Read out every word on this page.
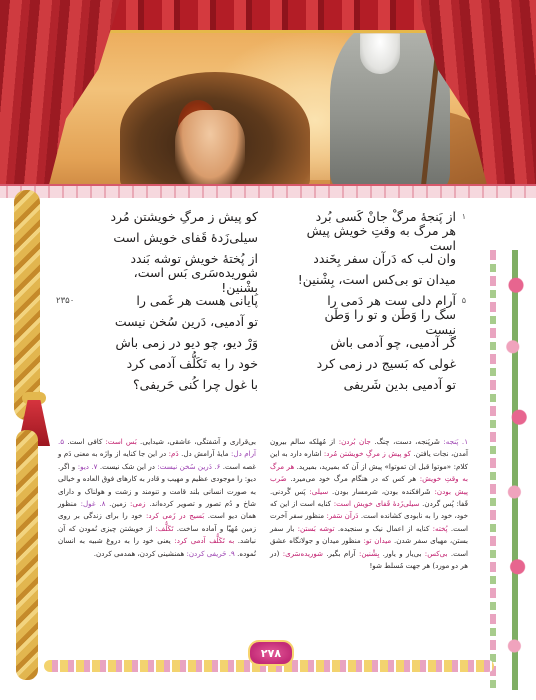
۱
از پَنجۀ مرگْ جانْ کَسی بُرد
کو پیش ز مرگِ خویشتن مُرد
هر مرگ به وقتِ خویش پیش است
سیلی‌زَدۀ قَفای خویش است
وان لب که دَرآن سفر بِخَندد
از پُختۀ خویش توشه بَندد
میدان تو بی‌کس است، بِشْنین!
شوریده‌سَری بَس است، بِشْنین!
۵
آرام دلی ست هر دَمی را
پایانی هست هر غَمی را
۲۳۵۰
سگ را وَطَن و تو را وَطَن نیست
تو آدمیی، دَرین سُخن نیست
گر آدمیی، چو آدمی باش
وَرْ دیو، چو دیو در زمی باش
غولی که بَسیج در زمی کرد
خود را به تَکَلُّف آدمی کرد
تو آدمیی بدین شَریفی
با غول چرا کُنی حَریفی؟
۱. پَنجه: شَرپَنجه، دست، چنگ. جان بُردن: از مُهلکه سالم بیرون آمدن، نجات یافتن. کو پیش ز مرگِ خویشتن مُرد: اشاره دارد به این کلام: «موتوا قبل ان تموتوا» پیش از آن که بمیرید، بمیرید. هر مرگ به وقتِ خویش: هر کس که در هنگام مرگ خود می‌میرد. ضَرب پیش بودن: شَرافکنده بودن، شرمسار بودن. سیلی: پَس گَردنی. قَفا: پُس گردن. سیلی‌زَدۀ قَفای خویش است: کنایه است از این که خود، خود را به نابودی کشانده است. دَرآن سَفر: منظور سفر آخرت است. پُخته: کنایه از اعمال نیک و سنجیده. توشه بَستن: بار سفر بستن، مهیای سفر شدن. میدان تو: منظور میدان و جولانگاه عشق است. بی‌کس: بی‌یار و یاور. بِشْنین: آرام بگیر. شوریده‌سَری: (در هر دو مورد) هر جهت مُسلط شو!
بی‌قراری و آشفتگی، عاشقی، شیدایی. بَس است: کافی است. ۵. آرام دل: مایۀ آرامش دل. دَم: در این جا کنایه از واژه به معنی دَم و غصه است. ۶. دَرین سُخن نیست: در این شک نیست. ۷. دیو: و اگر. دیو: را موجودی عظیم و مهیب و قادر به کارهای فوق العاده و خیالی به صورت انسانی بلند قامت و تنومند و زشت و هولناک و دارای شاخ و دُم تصور و تصویر کرده‌اند. زمی: زمین. ۸. غول: منظور همان دیو است. بَسیج در زَمی کرد: خود را برای زندگی بر روی زمین مُهیّا و آماده ساخت. تَکَلُّف: از خویشتن چیزی نُمودن که آن نباشد. به تَکَلُّف آدمی کرد: یعنی خود را به دروغ شبیه به انسان نُموده. ۹. حَریفی کردن: همنشینی کردن، همدمی کردن.
۲۷۸
